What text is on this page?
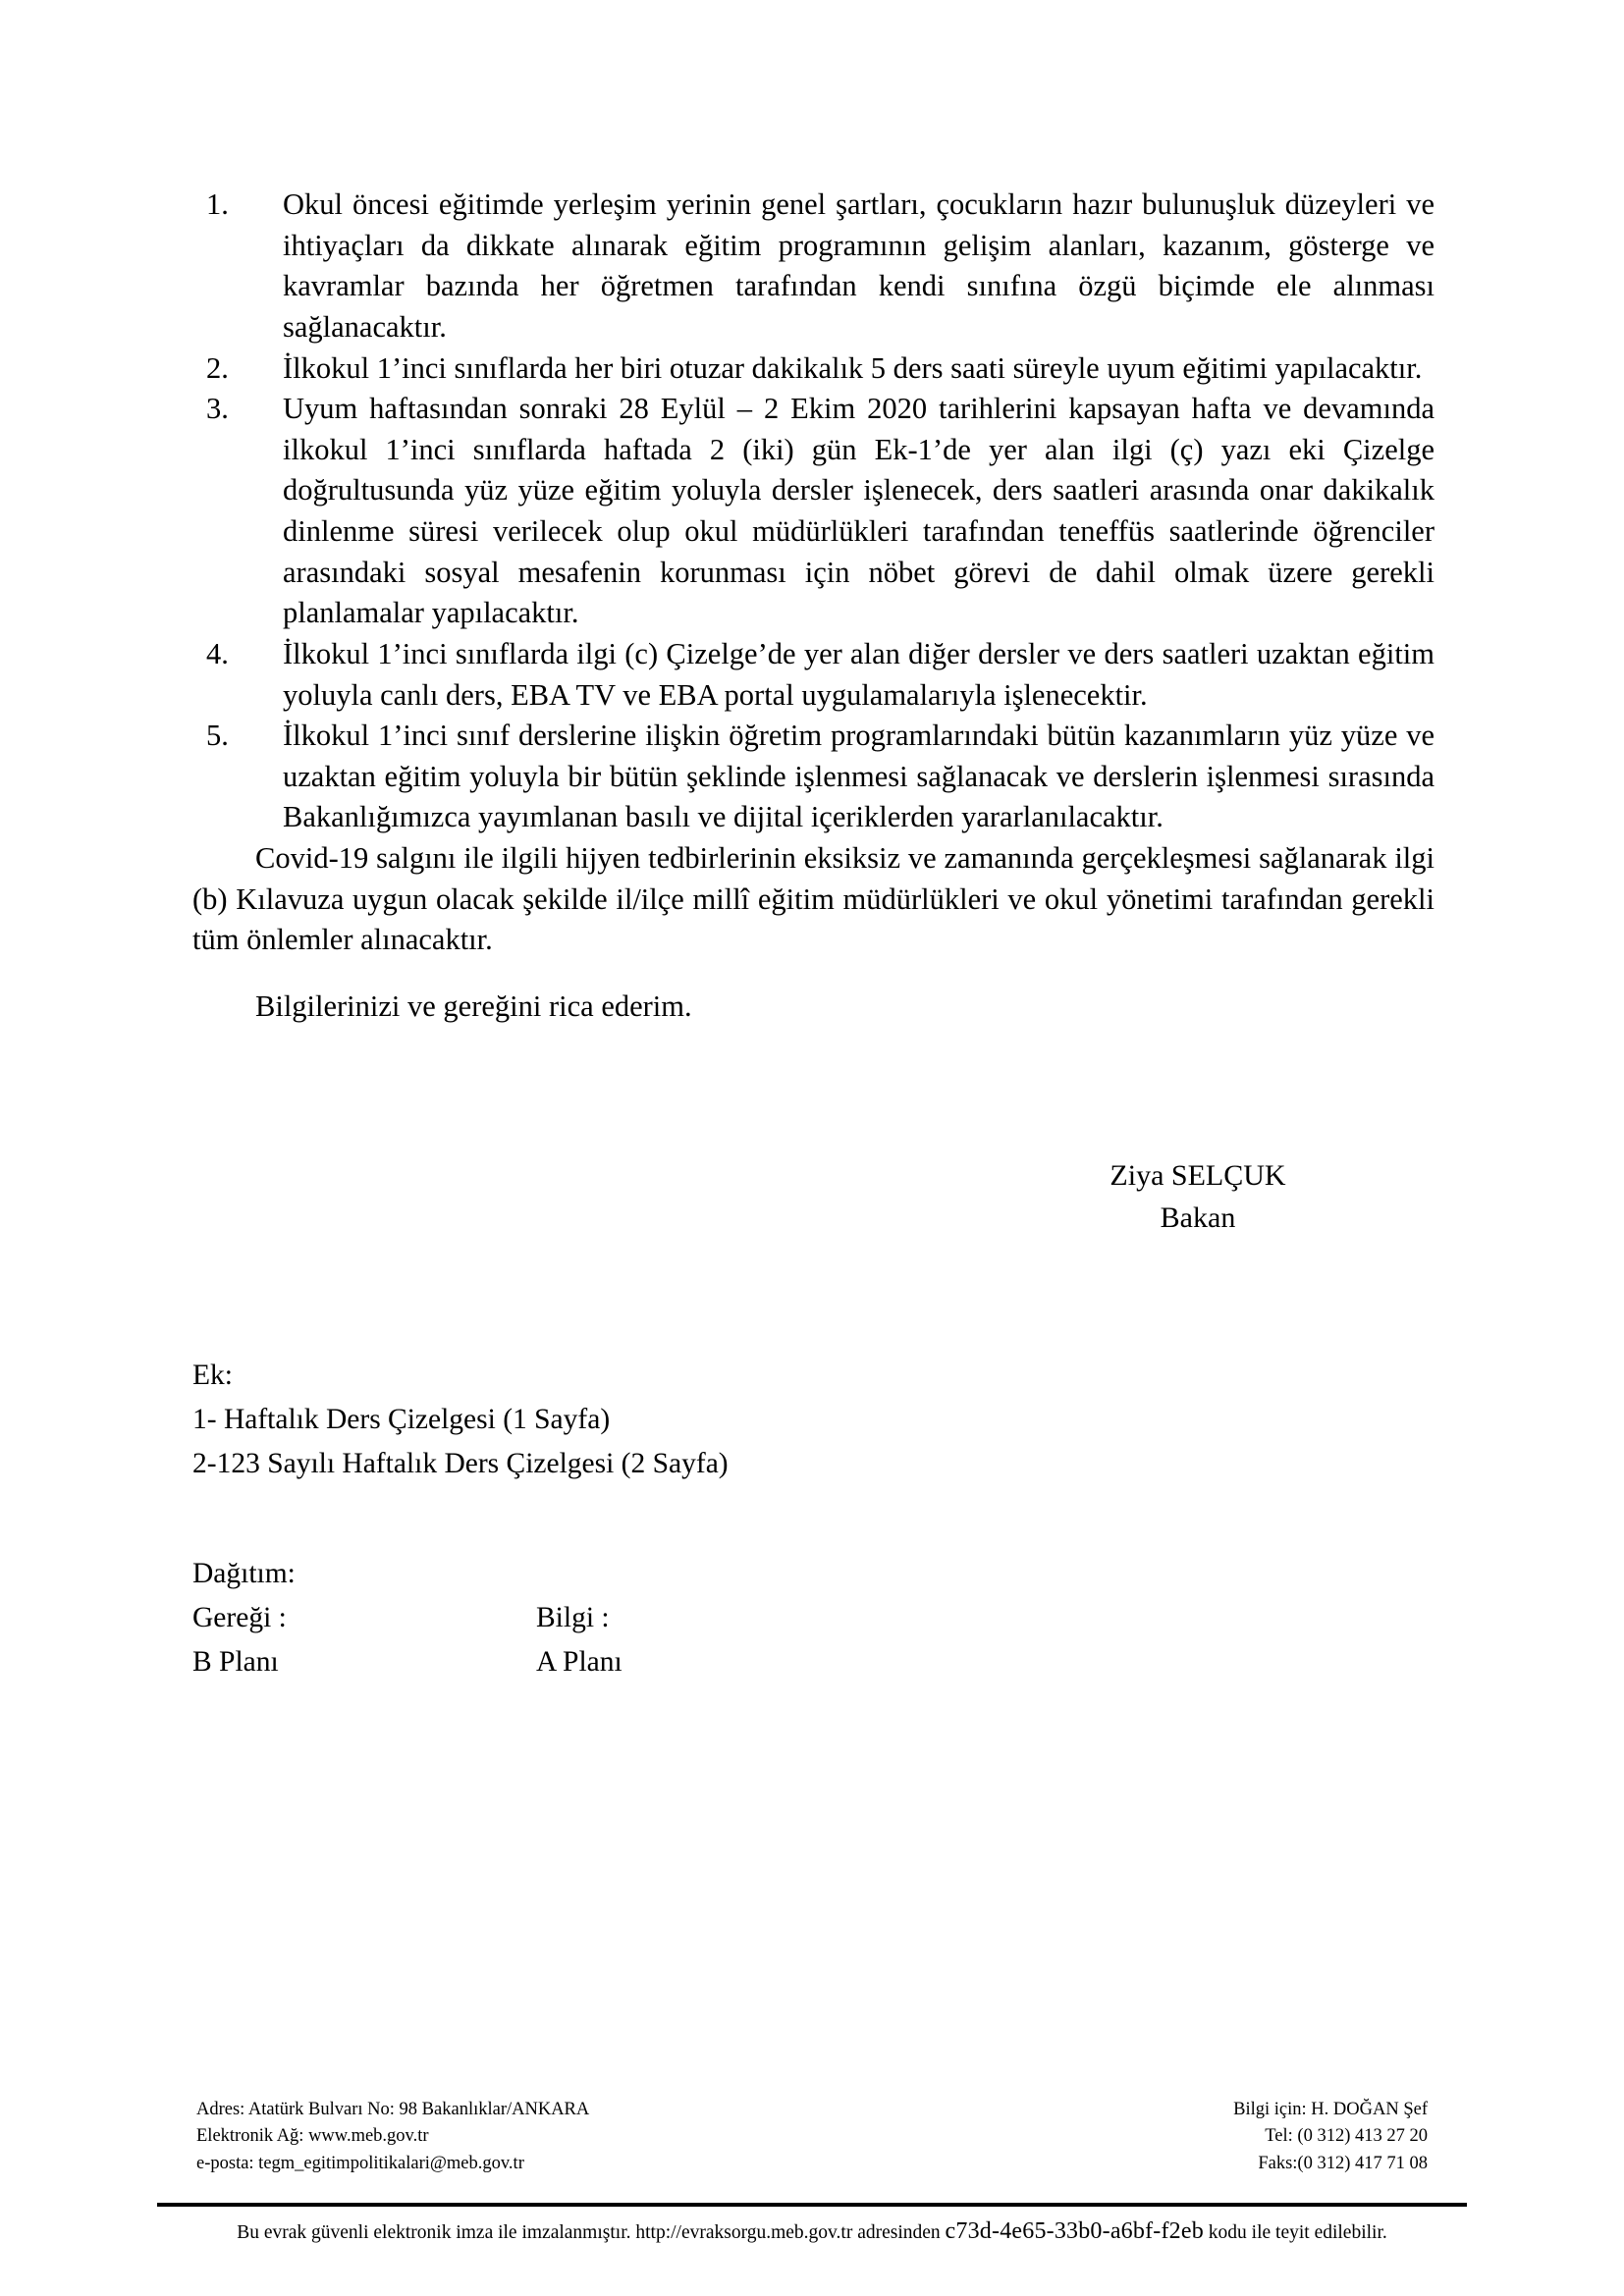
1.	Okul öncesi eğitimde yerleşim yerinin genel şartları, çocukların hazır bulunuşluk düzeyleri ve ihtiyaçları da dikkate alınarak eğitim programının gelişim alanları, kazanım, gösterge ve kavramlar bazında her öğretmen tarafından kendi sınıfına özgü biçimde ele alınması sağlanacaktır.
2.	İlkokul 1’inci sınıflarda her biri otuzar dakikalık 5 ders saati süreyle uyum eğitimi yapılacaktır.
3.	Uyum haftasından sonraki 28 Eylül – 2 Ekim 2020 tarihlerini kapsayan hafta ve devamında ilkokul 1’inci sınıflarda haftada 2 (iki) gün Ek-1’de yer alan ilgi (ç) yazı eki Çizelge doğrultusunda yüz yüze eğitim yoluyla dersler işlenecek, ders saatleri arasında onar dakikalık dinlenme süresi verilecek olup okul müdürlükleri tarafından teneffüs saatlerinde öğrenciler arasındaki sosyal mesafenin korunması için nöbet görevi de dahil olmak üzere gerekli planlamalar yapılacaktır.
4.	İlkokul 1’inci sınıflarda ilgi (c) Çizelge’de yer alan diğer dersler ve ders saatleri uzaktan eğitim yoluyla canlı ders, EBA TV ve EBA portal uygulamalarıyla işlenecektir.
5.	İlkokul 1’inci sınıf derslerine ilişkin öğretim programlarındaki bütün kazanımların yüz yüze ve uzaktan eğitim yoluyla bir bütün şeklinde işlenmesi sağlanacak ve derslerin işlenmesi sırasında Bakanlığımızca yayımlanan basılı ve dijital içeriklerden yararlanılacaktır.

Covid-19 salgını ile ilgili hijyen tedbirlerinin eksiksiz ve zamanında gerçekleşmesi sağlanarak ilgi (b) Kılavuza uygun olacak şekilde il/ilçe millî eğitim müdürlükleri ve okul yönetimi tarafından gerekli tüm önlemler alınacaktır.

Bilgilerinizi ve gereğini rica ederim.

Ziya SELÇUK
Bakan
Ek:
1- Haftalık Ders Çizelgesi (1 Sayfa)
2-123 Sayılı Haftalık Ders Çizelgesi (2 Sayfa)
Dağıtım:
Gereği :	Bilgi :
B Planı	A Planı
Adres: Atatürk Bulvarı No: 98 Bakanlıklar/ANKARA
Elektronik Ağ: www.meb.gov.tr
e-posta: tegm_egitimpolitikalari@meb.gov.tr
Bilgi için: H. DOĞAN Şef
Tel: (0 312) 413 27 20
Faks:(0 312) 417 71 08
Bu evrak güvenli elektronik imza ile imzalanmıştır. http://evraksorgu.meb.gov.tr adresinden c73d-4e65-33b0-a6bf-f2eb kodu ile teyit edilebilir.
